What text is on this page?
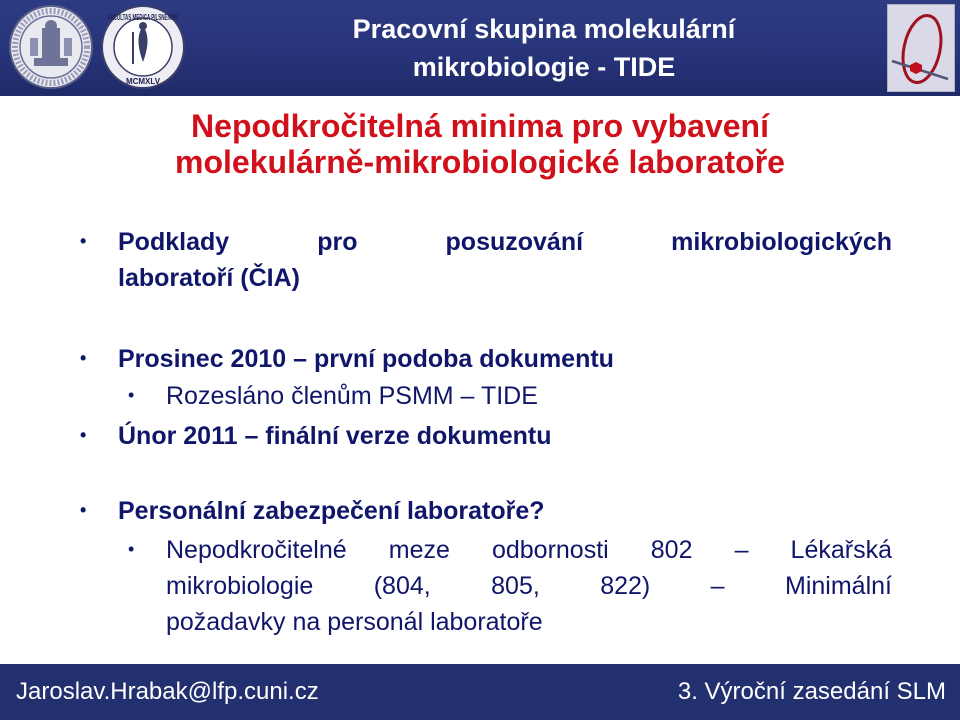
FACULTAS MEDICA PILSNENSIS
MCMXLV
Pracovní skupina molekulární
mikrobiologie - TIDE
Nepodkročitelná minima pro vybavení
molekulárně-mikrobiologické laboratoře
• Podklady pro posuzování mikrobiologických
laboratoří (ČIA)
• Prosinec 2010 – první podoba dokumentu
• Rozesláno členům PSMM – TIDE
• Únor 2011 – finální verze dokumentu
• Personální zabezpečení laboratoře?
• Nepodkročitelné meze odbornosti 802 – Lékařská
mikrobiologie (804, 805, 822) – Minimální
požadavky na personál laboratoře
Jaroslav.Hrabak@lfp.cuni.cz	3. Výroční zasedání SLM
